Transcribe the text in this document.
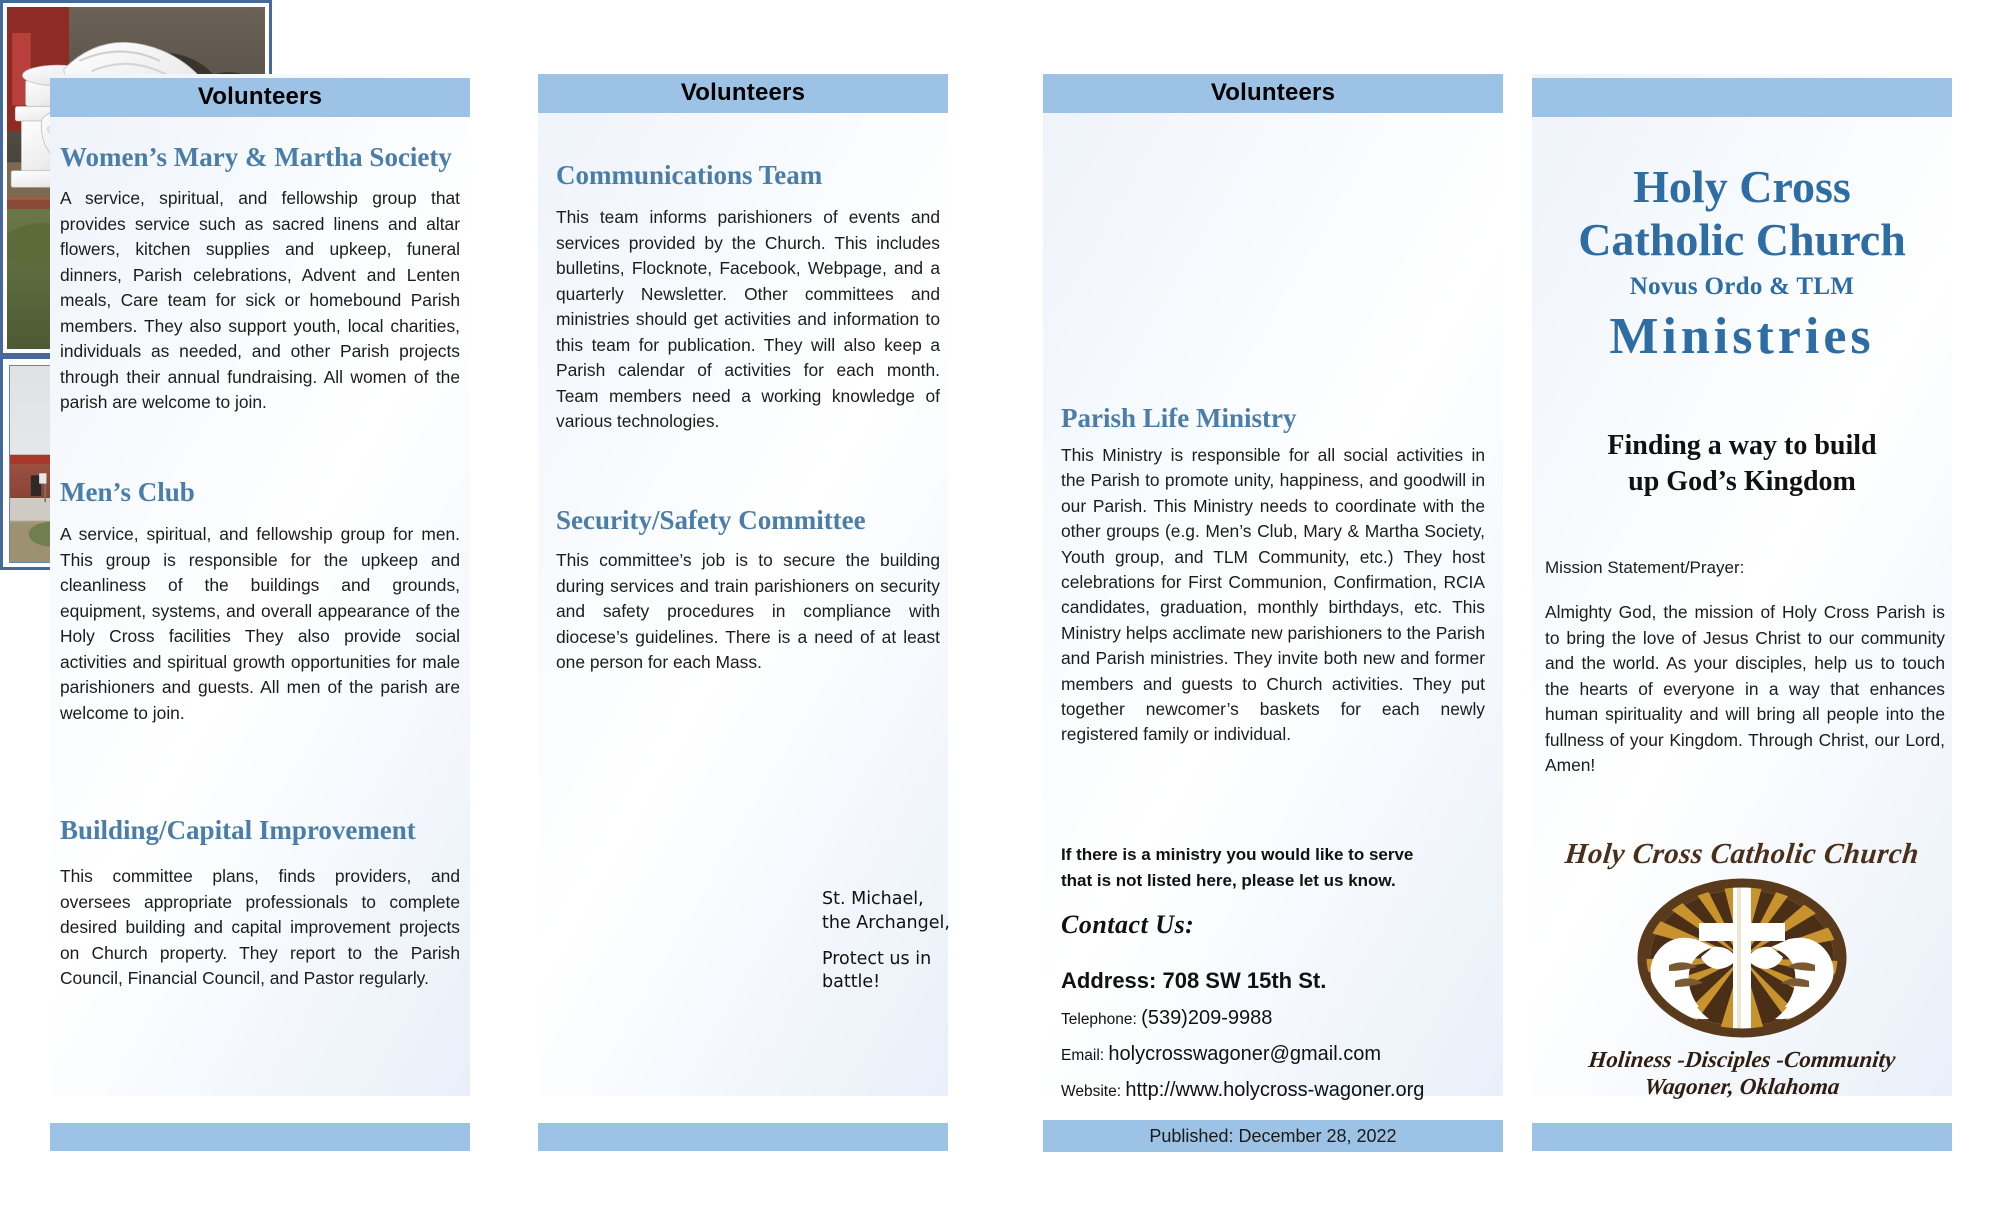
Volunteers	Volunteers	Volunteers
Women’s Mary & Martha Society

A service, spiritual, and fellowship group that provides service such as sacred linens and altar flowers, kitchen supplies and upkeep, funeral dinners, Parish celebrations, Advent and Lenten meals, Care team for sick or homebound Parish members. They also support youth, local charities, individuals as needed, and other Parish projects through their annual fundraising. All women of the parish are welcome to join.

Men’s Club

A service, spiritual, and fellowship group for men. This group is responsible for the upkeep and cleanliness of the buildings and grounds, equipment, systems, and overall appearance of the Holy Cross facilities They also provide social activities and spiritual growth opportunities for male parishioners and guests. All men of the parish are welcome to join.

Building/Capital Improvement

This committee plans, finds providers, and oversees appropriate professionals to complete desired building and capital improvement projects on Church property. They report to the Parish Council, Financial Council, and Pastor regularly.

Communications Team

This team informs parishioners of events and services provided by the Church. This includes bulletins, Flocknote, Facebook, Webpage, and a quarterly Newsletter. Other committees and ministries should get activities and information to this team for publication. They will also keep a Parish calendar of activities for each month. Team members need a working knowledge of various technologies.

Security/Safety Committee

This committee’s job is to secure the building during services and train parishioners on security and safety procedures in compliance with diocese’s guidelines. There is a need of at least one person for each Mass.

St. Michael,
the Archangel,
Protect us in
battle!
Parish Life Ministry

This Ministry is responsible for all social activities in the Parish to promote unity, happiness, and goodwill in our Parish. This Ministry needs to coordinate with the other groups (e.g. Men’s Club, Mary & Martha Society, Youth group, and TLM Community, etc.) They host celebrations for First Communion, Confirmation, RCIA candidates, graduation, monthly birthdays, etc. This Ministry helps acclimate new parishioners to the Parish and Parish ministries. They invite both new and former members and guests to Church activities. They put together newcomer’s baskets for each newly registered family or individual.

If there is a ministry you would like to serve
that is not listed here, please let us know.
Contact Us:
Address: 708 SW 15th St.
Telephone: (539)209-9988
Email: holycrosswagoner@gmail.com
Website: http://www.holycross-wagoner.org
Holy Cross
Catholic Church
Novus Ordo & TLM
Ministries
Finding a way to build
up God’s Kingdom
Mission Statement/Prayer:

Almighty God, the mission of Holy Cross Parish is to bring the love of Jesus Christ to our community and the world. As your disciples, help us to touch the hearts of everyone in a way that enhances human spirituality and will bring all people into the fullness of your Kingdom. Through Christ, our Lord, Amen!

Holy Cross Catholic Church
Holiness -Disciples -Community
Wagoner, Oklahoma
Published: December 28, 2022
